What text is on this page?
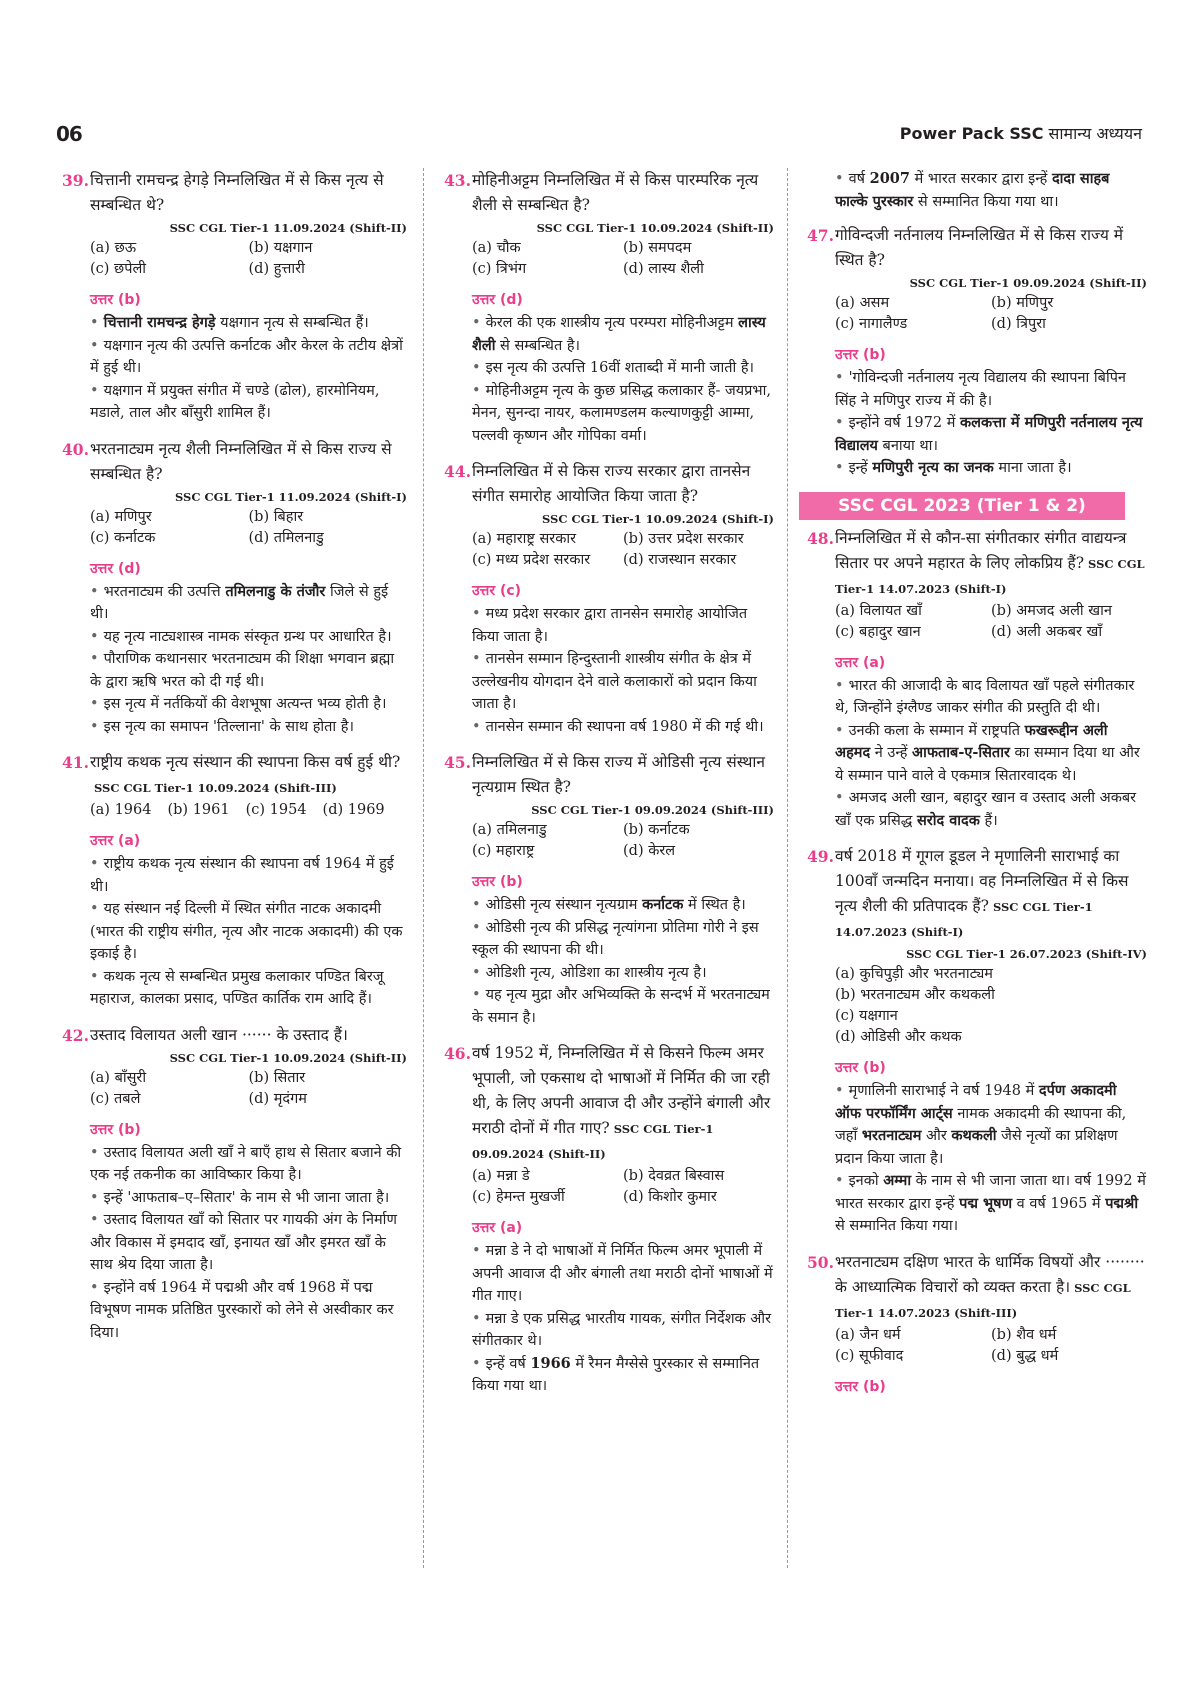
06	Power Pack SSC सामान्य अध्ययन
39. चित्तानी रामचन्द्र हेगड़े निम्नलिखित में से किस नृत्य से सम्बन्धित थे?
SSC CGL Tier-1 11.09.2024 (Shift-II)
(a) छऊ	(b) यक्षगान
(c) छपेली	(d) हुत्तारी
उत्तर (b)
• चित्तानी रामचन्द्र हेगड़े यक्षगान नृत्य से सम्बन्धित हैं।
• यक्षगान नृत्य की उत्पत्ति कर्नाटक और केरल के तटीय क्षेत्रों में हुई थी।
• यक्षगान में प्रयुक्त संगीत में चण्डे (ढोल), हारमोनियम, मडाले, ताल और बाँसुरी शामिल हैं।
40. भरतनाट्यम नृत्य शैली निम्नलिखित में से किस राज्य से सम्बन्धित है?
SSC CGL Tier-1 11.09.2024 (Shift-I)
(a) मणिपुर	(b) बिहार
(c) कर्नाटक	(d) तमिलनाडु
उत्तर (d)
• भरतनाट्यम की उत्पत्ति तमिलनाडु के तंजौर जिले से हुई थी।
• यह नृत्य नाट्यशास्त्र नामक संस्कृत ग्रन्थ पर आधारित है।
• पौराणिक कथानसार भरतनाट्यम की शिक्षा भगवान ब्रह्मा के द्वारा ऋषि भरत को दी गई थी।
• इस नृत्य में नर्तकियों की वेशभूषा अत्यन्त भव्य होती है।
• इस नृत्य का समापन 'तिल्लाना' के साथ होता है।
41. राष्ट्रीय कथक नृत्य संस्थान की स्थापना किस वर्ष हुई थी?SSC CGL Tier-1 10.09.2024 (Shift-III)
(a) 1964 (b) 1961 (c) 1954 (d) 1969
उत्तर (a)
• राष्ट्रीय कथक नृत्य संस्थान की स्थापना वर्ष 1964 में हुई थी।
• यह संस्थान नई दिल्ली में स्थित संगीत नाटक अकादमी (भारत की राष्ट्रीय संगीत, नृत्य और नाटक अकादमी) की एक इकाई है।
• कथक नृत्य से सम्बन्धित प्रमुख कलाकार पण्डित बिरजू महाराज, कालका प्रसाद, पण्डित कार्तिक राम आदि हैं।
42. उस्ताद विलायत अली खान ······ के उस्ताद हैं।
SSC CGL Tier-1 10.09.2024 (Shift-II)
(a) बाँसुरी	(b) सितार
(c) तबले	(d) मृदंगम
उत्तर (b)
• उस्ताद विलायत अली खाँ ने बाएँ हाथ से सितार बजाने की एक नई तकनीक का आविष्कार किया है।
• इन्हें 'आफताब–ए–सितार' के नाम से भी जाना जाता है।
• उस्ताद विलायत खाँ को सितार पर गायकी अंग के निर्माण और विकास में इमदाद खाँ, इनायत खाँ और इमरत खाँ के साथ श्रेय दिया जाता है।
• इन्होंने वर्ष 1964 में पद्मश्री और वर्ष 1968 में पद्म विभूषण नामक प्रतिष्ठित पुरस्कारों को लेने से अस्वीकार कर दिया।
43. मोहिनीअट्टम निम्नलिखित में से किस पारम्परिक नृत्य शैली से सम्बन्धित है?
SSC CGL Tier-1 10.09.2024 (Shift-II)
(a) चौक	(b) समपदम
(c) त्रिभंग	(d) लास्य शैली
उत्तर (d)
• केरल की एक शास्त्रीय नृत्य परम्परा मोहिनीअट्टम लास्य शैली से सम्बन्धित है।
• इस नृत्य की उत्पत्ति 16वीं शताब्दी में मानी जाती है।
• मोहिनीअट्टम नृत्य के कुछ प्रसिद्ध कलाकार हैं- जयप्रभा, मेनन, सुनन्दा नायर, कलामण्डलम कल्याणकुट्टी आम्मा, पल्लवी कृष्णन और गोपिका वर्मा।
44. निम्नलिखित में से किस राज्य सरकार द्वारा तानसेन संगीत समारोह आयोजित किया जाता है?
SSC CGL Tier-1 10.09.2024 (Shift-I)
(a) महाराष्ट्र सरकार	(b) उत्तर प्रदेश सरकार
(c) मध्य प्रदेश सरकार	(d) राजस्थान सरकार
उत्तर (c)
• मध्य प्रदेश सरकार द्वारा तानसेन समारोह आयोजित किया जाता है।
• तानसेन सम्मान हिन्दुस्तानी शास्त्रीय संगीत के क्षेत्र में उल्लेखनीय योगदान देने वाले कलाकारों को प्रदान किया जाता है।
• तानसेन सम्मान की स्थापना वर्ष 1980 में की गई थी।
45. निम्नलिखित में से किस राज्य में ओडिसी नृत्य संस्थान नृत्यग्राम स्थित है?
SSC CGL Tier-1 09.09.2024 (Shift-III)
(a) तमिलनाडु	(b) कर्नाटक
(c) महाराष्ट्र	(d) केरल
उत्तर (b)
• ओडिसी नृत्य संस्थान नृत्यग्राम कर्नाटक में स्थित है।
• ओडिसी नृत्य की प्रसिद्ध नृत्यांगना प्रोतिमा गोरी ने इस स्कूल की स्थापना की थी।
• ओडिशी नृत्य, ओडिशा का शास्त्रीय नृत्य है।
• यह नृत्य मुद्रा और अभिव्यक्ति के सन्दर्भ में भरतनाट्यम के समान है।
46. वर्ष 1952 में, निम्नलिखित में से किसने फिल्म अमर भूपाली, जो एकसाथ दो भाषाओं में निर्मित की जा रही थी, के लिए अपनी आवाज दी और उन्होंने बंगाली और मराठी दोनों में गीत गाए? SSC CGL Tier-1 09.09.2024 (Shift-II)
(a) मन्ना डे	(b) देवव्रत बिस्वास
(c) हेमन्त मुखर्जी	(d) किशोर कुमार
उत्तर (a)
• मन्ना डे ने दो भाषाओं में निर्मित फिल्म अमर भूपाली में अपनी आवाज दी और बंगाली तथा मराठी दोनों भाषाओं में गीत गाए।
• मन्ना डे एक प्रसिद्ध भारतीय गायक, संगीत निर्देशक और संगीतकार थे।
• इन्हें वर्ष 1966 में रैमन मैग्सेसे पुरस्कार से सम्मानित किया गया था।
• वर्ष 2007 में भारत सरकार द्वारा इन्हें दादा साहब फाल्के पुरस्कार से सम्मानित किया गया था।
47. गोविन्दजी नर्तनालय निम्नलिखित में से किस राज्य में स्थित है?
SSC CGL Tier-1 09.09.2024 (Shift-II)
(a) असम	(b) मणिपुर
(c) नागालैण्ड	(d) त्रिपुरा
उत्तर (b)
• 'गोविन्दजी नर्तनालय नृत्य विद्यालय की स्थापना बिपिन सिंह ने मणिपुर राज्य में की है।
• इन्होंने वर्ष 1972 में कलकत्ता में मणिपुरी नर्तनालय नृत्य विद्यालय बनाया था।
• इन्हें मणिपुरी नृत्य का जनक माना जाता है।
SSC CGL 2023 (Tier 1 & 2)
48. निम्नलिखित में से कौन-सा संगीतकार संगीत वाद्ययन्त्र सितार पर अपने महारत के लिए लोकप्रिय हैं? SSC CGL Tier-1 14.07.2023 (Shift-I)
(a) विलायत खाँ	(b) अमजद अली खान
(c) बहादुर खान	(d) अली अकबर खाँ
उत्तर (a)
• भारत की आजादी के बाद विलायत खाँ पहले संगीतकार थे, जिन्होंने इंग्लैण्ड जाकर संगीत की प्रस्तुति दी थी।
• उनकी कला के सम्मान में राष्ट्रपति फखरूद्दीन अली अहमद ने उन्हें आफताब-ए-सितार का सम्मान दिया था और ये सम्मान पाने वाले वे एकमात्र सितारवादक थे।
• अमजद अली खान, बहादुर खान व उस्ताद अली अकबर खाँ एक प्रसिद्ध सरोद वादक हैं।
49. वर्ष 2018 में गूगल डूडल ने मृणालिनी साराभाई का 100वाँ जन्मदिन मनाया। वह निम्नलिखित में से किस नृत्य शैली की प्रतिपादक हैं? SSC CGL Tier-1 14.07.2023 (Shift-I)
SSC CGL Tier-1 26.07.2023 (Shift-IV)
(a) कुचिपुड़ी और भरतनाट्यम
(b) भरतनाट्यम और कथकली
(c) यक्षगान
(d) ओडिसी और कथक
उत्तर (b)
• मृणालिनी साराभाई ने वर्ष 1948 में दर्पण अकादमी ऑफ परफॉर्मिंग आर्ट्स नामक अकादमी की स्थापना की, जहाँ भरतनाट्यम और कथकली जैसे नृत्यों का प्रशिक्षण प्रदान किया जाता है।
• इनको अम्मा के नाम से भी जाना जाता था। वर्ष 1992 में भारत सरकार द्वारा इन्हें पद्म भूषण व वर्ष 1965 में पद्मश्री से सम्मानित किया गया।
50. भरतनाट्यम दक्षिण भारत के धार्मिक विषयों और ········ के आध्यात्मिक विचारों को व्यक्त करता है। SSC CGL Tier-1 14.07.2023 (Shift-III)
(a) जैन धर्म	(b) शैव धर्म
(c) सूफीवाद	(d) बुद्ध धर्म
उत्तर (b)
